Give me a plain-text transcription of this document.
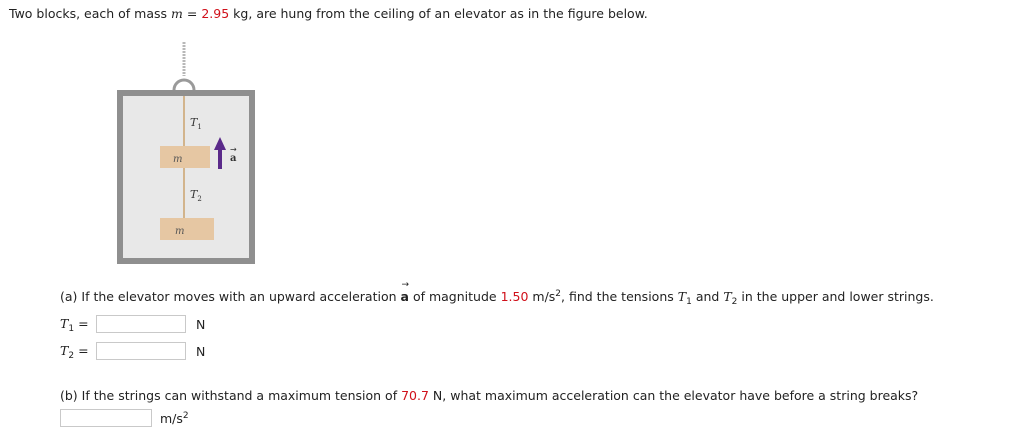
Two blocks, each of mass m = 2.95 kg, are hung from the ceiling of an elevator as in the figure below.
$T_1$
$T_2$
m
m
a
→
(a) If the elevator moves with an upward acceleration
→
a of magnitude 1.50 $m/s^2$, find the tensions $T_1$ and $T_2$ in the upper and lower strings.
$T_1$ =	N
$T_2$ =	N
(b) If the strings can withstand a maximum tension of 70.7 N, what maximum acceleration can the elevator have before a string breaks?
$m/s^2$
